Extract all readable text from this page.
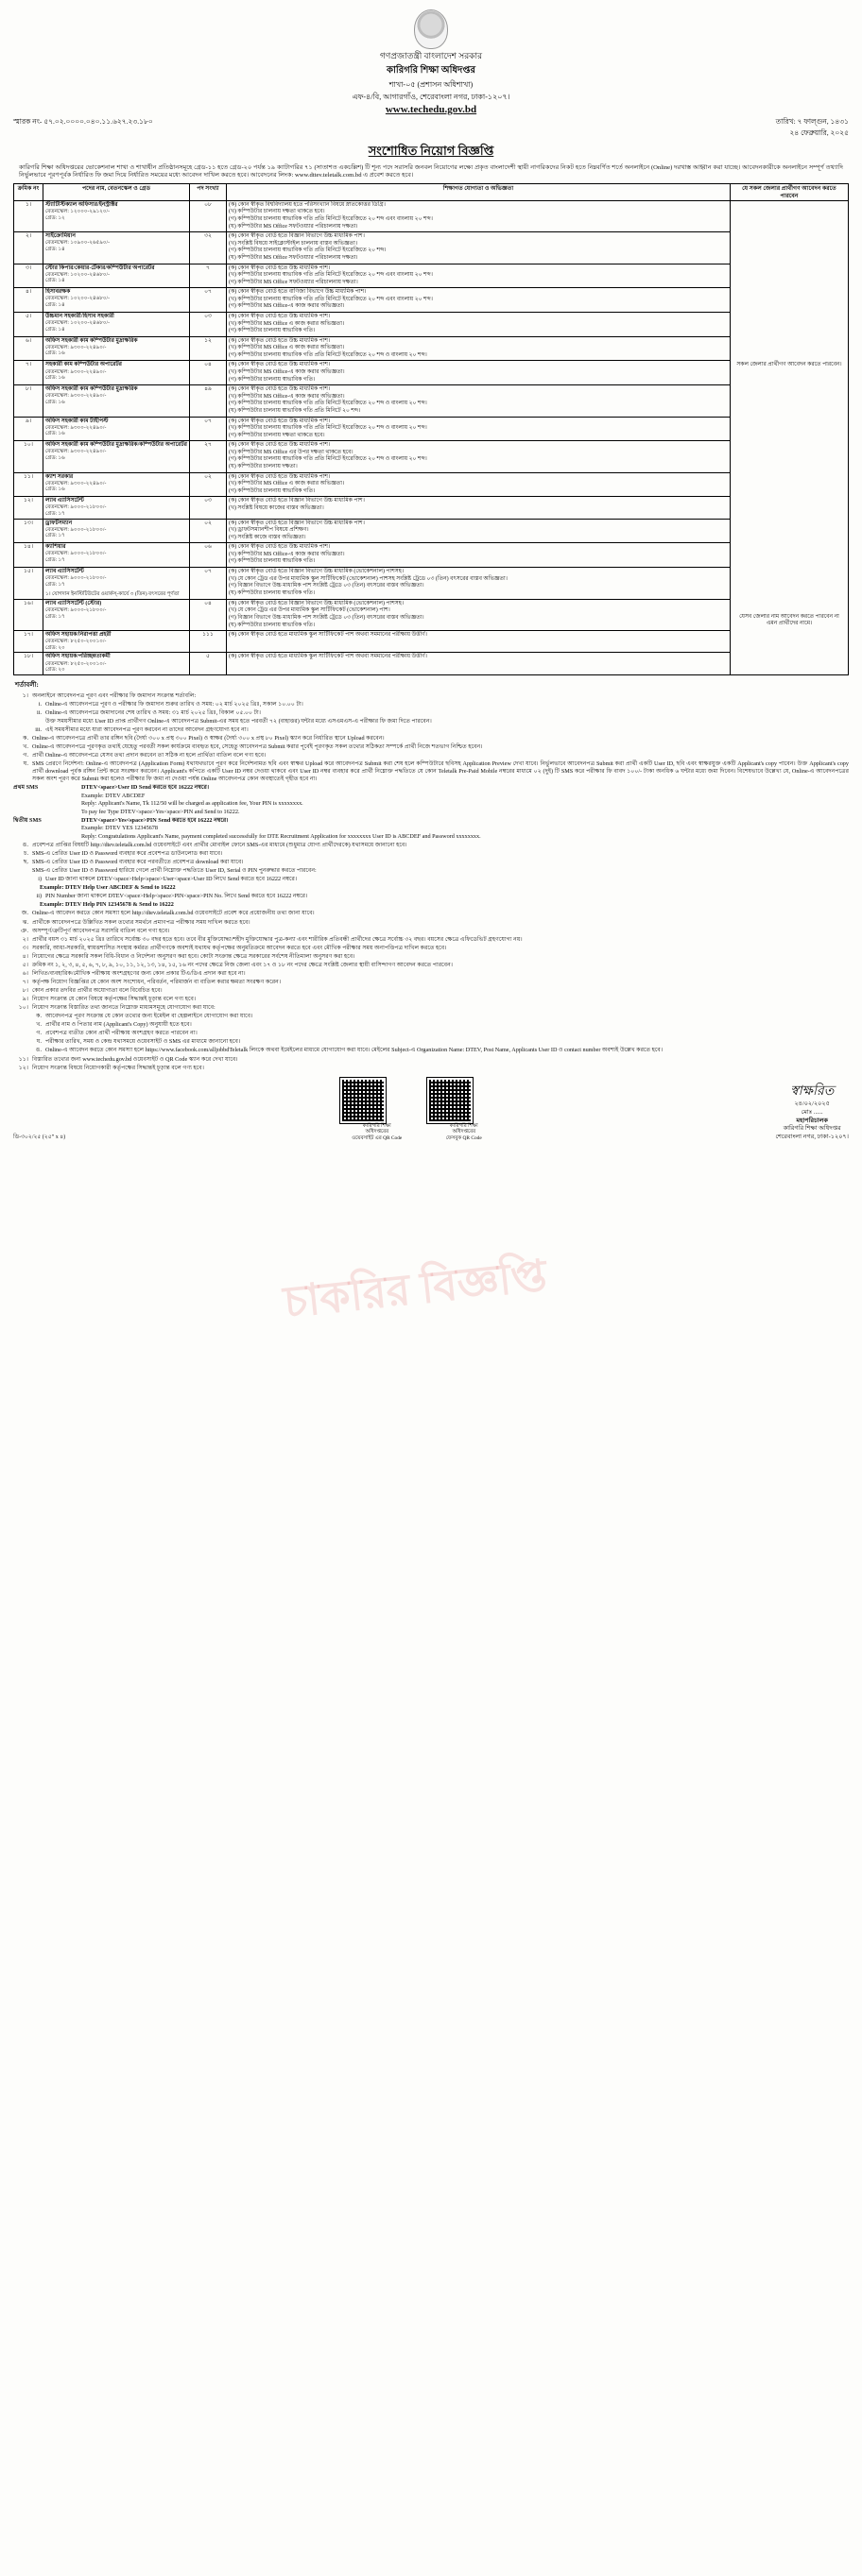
চাকরির বিজ্ঞপ্তি
গণপ্রজাতন্ত্রী বাংলাদেশ সরকার
কারিগরি শিক্ষা অধিদপ্তর
শাখা-০৫ (প্রশাসন অধিশাখা)
এফ-৪/বি, আগারগাঁও, শেরেবাংলা নগর, ঢাকা-১২০৭।
www.techedu.gov.bd
স্মারক নং- ৫৭.০২.০০০০.০৪০.১১.৬২৭.২৩.১৮০	তারিখ: ৭ ফাল্গুন, ১৪৩১
২৪ ফেব্রুয়ারি, ২০২৫
সংশোধিত নিয়োগ বিজ্ঞপ্তি
কারিগরি শিক্ষা অধিদপ্তরের ভোকেশনাল শাখা ও শাখাধীন প্রতিষ্ঠানসমূহে গ্রেড-১১ হতে গ্রেড-২০ পর্যন্ত ১৯ ক্যাটাগরির ৭১ (সাতাশত একচল্লিশ) টি শূন্য পদে সরাসরি জনবল নিয়োগের লক্ষ্যে প্রকৃত বাংলাদেশী স্থায়ী নাগরিকদের নিকট হতে নিম্নবর্ণিত শর্তে অনলাইনে (Online) দরখাস্ত আহ্বান করা যাচ্ছে। আবেদনকারীকে অনলাইনে সম্পূর্ণ তথ্যাদি নির্ভুলভাবে পূরণপূর্বক নির্ধারিত ফি জমা দিয়ে নির্ধারিত সময়ের মধ্যে আবেদন দাখিল করতে হবে। আবেদনের লিংক: www.dttev.teletalk.com.bd এ প্রবেশ করতে হবে।
ক্রমিক নং	পদের নাম, বেতনস্কেল ও গ্রেড	পদ সংখ্যা	শিক্ষাগত যোগ্যতা ও অভিজ্ঞতা	যে সকল জেলার প্রার্থীগণ আবেদন করতে পারবেন
১।	স্ট্যাটিস্টিক্যাল অফিসার/ইনস্ট্রাক্টর
বেতনস্কেল: ১২০০০-২৯১২০/-
গ্রেড: ১২
	০৮	(ক) কোন স্বীকৃত বিশ্ববিদ্যালয় হতে পরিসংখ্যান বিষয়ে স্নাতকোত্তর ডিগ্রি।
(খ) কম্পিউটার চালনায় দক্ষতা থাকতে হবে।
(গ) কম্পিউটার চালনায় স্বাভাবিক গতি প্রতি মিনিটে ইংরেজিতে ২০ শব্দ এবং বাংলায় ২০ শব্দ।
(ঘ) কম্পিউটার MS Office সফটওয়্যার পরিচালনায় দক্ষতা।

সকল জেলার প্রার্থীগণ আবেদন করতে পারবেন।
যেসব জেলার নাম আবেদন করতে পারবেন না এমন প্রার্থীদের নামে।

২।	সাইক্রোমিয়ান
বেতনস্কেল: ১০৯০০-২৬৫৯০/-
গ্রেড: ১৪
	৩২	(ক) কোন স্বীকৃত বোর্ড হতে বিজ্ঞান বিভাগে উচ্চ মাধ্যমিক পাশ।
(খ) সংশ্লিষ্ট বিষয়ে সাইক্লোস্টাইল চালনায় বাস্তব অভিজ্ঞতা।
(গ) কম্পিউটার চালনায় স্বাভাবিক গতি প্রতি মিনিটে ইংরেজিতে ২০ শব্দ।
(ঘ) কম্পিউটার MS Office সফটওয়্যার পরিচালনায় দক্ষতা।

৩।	স্টোর কিপার/কেয়ার-টেকার/কম্পিউটার অপারেটর
বেতনস্কেল: ১০২০০-২৪৬৮০/-
গ্রেড: ১৪
	৭	(ক) কোন স্বীকৃত বোর্ড হতে উচ্চ মাধ্যমিক পাশ।
(খ) কম্পিউটার চালনায় স্বাভাবিক গতি প্রতি মিনিটে ইংরেজিতে ২০ শব্দ এবং বাংলায় ২০ শব্দ।
(গ) কম্পিউটার MS Office সফটওয়্যার পরিচালনায় দক্ষতা।

৪।	হিসাবরক্ষক
বেতনস্কেল: ১০২০০-২৪৬৮০/-
গ্রেড: ১৪
	০৭	(ক) কোন স্বীকৃত বোর্ড হতে বাণিজ্য বিভাগে উচ্চ মাধ্যমিক পাশ।
(খ) কম্পিউটার চালনায় স্বাভাবিক গতি প্রতি মিনিটে ইংরেজিতে ২০ শব্দ এবং বাংলায় ২০ শব্দ।
(গ) কম্পিউটার MS Office-এ কাজ করার অভিজ্ঞতা।

৫।	উচ্চমান সহকারী/হিসাব সহকারী
বেতনস্কেল: ১০২০০-২৪৬৮০/-
গ্রেড: ১৪
	০৩	(ক) কোন স্বীকৃত বোর্ড হতে উচ্চ মাধ্যমিক পাশ।
(খ) কম্পিউটার MS Office এ কাজ করার অভিজ্ঞতা।
(গ) কম্পিউটার চালনায় স্বাভাবিক গতি।

৬।	অফিস সহকারী কাম কম্পিউটার মুদ্রাক্ষরিক
বেতনস্কেল: ৯৩০০-২২৪৯০/-
গ্রেড: ১৬
	১২	(ক) কোন স্বীকৃত বোর্ড হতে উচ্চ মাধ্যমিক পাশ।
(খ) কম্পিউটার MS Office এ কাজ করার অভিজ্ঞতা।
(গ) কম্পিউটার চালনায় স্বাভাবিক গতি প্রতি মিনিটে ইংরেজিতে ২০ শব্দ ও বাংলায় ২০ শব্দ।

৭।	সহকারী কাম কম্পিউটার অপারেটর
বেতনস্কেল: ৯৩০০-২২৪৯০/-
গ্রেড: ১৬
	০৪	(ক) কোন স্বীকৃত বোর্ড হতে উচ্চ মাধ্যমিক পাশ।
(খ) কম্পিউটার MS Office-এ কাজ করার অভিজ্ঞতা।
(গ) কম্পিউটার চালনায় স্বাভাবিক গতি।

৮।	অফিস সহকারী কাম কম্পিউটার মুদ্রাক্ষরিক
বেতনস্কেল: ৯৩০০-২২৪৯০/-
গ্রেড: ১৬
	৪৯	(ক) কোন স্বীকৃত বোর্ড হতে উচ্চ মাধ্যমিক পাশ।
(খ) কম্পিউটার MS Office-এ কাজ করার অভিজ্ঞতা।
(গ) কম্পিউটার চালনায় স্বাভাবিক গতি প্রতি মিনিটে ইংরেজিতে ২০ শব্দ ও বাংলায় ২০ শব্দ।
(ঘ) কম্পিউটার চালনায় স্বাভাবিক গতি প্রতি মিনিটে ২০ শব্দ।

৯।	অফিস সহকারী কাম টাইপিস্ট
বেতনস্কেল: ৯৩০০-২২৪৯০/-
গ্রেড: ১৬
	০৭	(ক) কোন স্বীকৃত বোর্ড হতে উচ্চ মাধ্যমিক পাশ।
(খ) কম্পিউটার চালনায় স্বাভাবিক গতি প্রতি মিনিটে ইংরেজিতে ২০ শব্দ ও বাংলায় ২০ শব্দ।
(গ) কম্পিউটার চালনায় দক্ষতা থাকতে হবে।

১০।	অফিস সহকারী কাম কম্পিউটার মুদ্রাক্ষরিক/কম্পিউটার অপারেটর
বেতনস্কেল: ৯৩০০-২২৪৯০/-
গ্রেড: ১৬
	২৭	(ক) কোন স্বীকৃত বোর্ড হতে উচ্চ মাধ্যমিক পাশ।
(খ) কম্পিউটার MS Office এর উপর দক্ষতা থাকতে হবে।
(গ) কম্পিউটার চালনায় স্বাভাবিক গতি প্রতি মিনিটে ইংরেজিতে ২০ শব্দ ও বাংলায় ২০ শব্দ।
(ঘ) কম্পিউটার চালনায় দক্ষতা।

১১।	ক্যাশ সরকার
বেতনস্কেল: ৯৩০০-২২৪৯০/-
গ্রেড: ১৬
	০২	(ক) কোন স্বীকৃত বোর্ড হতে উচ্চ মাধ্যমিক পাশ।
(খ) কম্পিউটার MS Office এ কাজ করার অভিজ্ঞতা।
(গ) কম্পিউটার চালনায় স্বাভাবিক গতি।

১২।	ল্যাব এ্যাসিসটেন্ট
বেতনস্কেল: ৯০০০-২১৮০০/-
গ্রেড: ১৭
	০৩	(ক) কোন স্বীকৃত বোর্ড হতে বিজ্ঞান বিভাগে উচ্চ মাধ্যমিক পাশ।
(খ) সংশ্লিষ্ট বিষয়ে কাজের বাস্তব অভিজ্ঞতা।

১৩।	ড্রাফটসম্যান
বেতনস্কেল: ৯০০০-২১৮০০/-
গ্রেড: ১৭
	০২	(ক) কোন স্বীকৃত বোর্ড হতে বিজ্ঞান বিভাগে উচ্চ মাধ্যমিক পাশ।
(খ) ড্রাফটসম্যানশীপ বিষয়ে প্রশিক্ষণ।
(গ) সংশ্লিষ্ট কাজে বাস্তব অভিজ্ঞতা।

১৪।	ক্যাশিয়ার
বেতনস্কেল: ৯০০০-২১৮০০/-
গ্রেড: ১৭
	০৬	(ক) কোন স্বীকৃত বোর্ড হতে উচ্চ মাধ্যমিক পাশ।
(খ) কম্পিউটার MS Office-এ কাজ করার অভিজ্ঞতা।
(গ) কম্পিউটার চালনায় স্বাভাবিক গতি।

১৫।	ল্যাব এ্যাসিসটেন্ট
বেতনস্কেল: ৯০০০-২১৮০০/-
গ্রেড: ১৭
১। যোগদান ইনস্টিটিউটের ওয়ার্কস্-কার্যে ৩ (তিন) বৎসরের পূর্ণতা
	০৭	(ক) কোন স্বীকৃত বোর্ড হতে বিজ্ঞান বিভাগে উচ্চ মাধ্যমিক (ভোকেশনাল) পাশসহ।
(খ) যে কোন ট্রেড এর উপর মাধ্যমিক স্কুল সার্টিফিকেট (ভোকেশনাল) পাশসহ সংশ্লিষ্ট ট্রেডে ০৩ (তিন) বৎসরের বাস্তব অভিজ্ঞতা।
(গ) বিজ্ঞান বিভাগে উচ্চ মাধ্যমিক পাশ সংশ্লিষ্ট ট্রেডে ০৩ (তিন) বৎসরের বাস্তব অভিজ্ঞতা।
(ঘ) কম্পিউটার চালনায় স্বাভাবিক গতি।

১৬।	ল্যাব এ্যাসিসটেন্ট (স্টোর)
বেতনস্কেল: ৯০০০-২১৮০০/-
গ্রেড: ১৭
	০৪	(ক) কোন স্বীকৃত বোর্ড হতে বিজ্ঞান বিভাগে উচ্চ মাধ্যমিক (ভোকেশনাল) পাশসহ।
(খ) যে কোন ট্রেড এর উপর মাধ্যমিক স্কুল সার্টিফিকেট (ভোকেশনাল) পাশ।
(গ) বিজ্ঞান বিভাগে উচ্চ মাধ্যমিক পাশ সংশ্লিষ্ট ট্রেডে ০৩ (তিন) বৎসরের বাস্তব অভিজ্ঞতা।
(ঘ) কম্পিউটার চালনায় স্বাভাবিক গতি।

১৭।	অফিস সহায়ক/নিরাপত্তা প্রহরী
বেতনস্কেল: ৮২৫০-২০০১০/-
গ্রেড: ২০	১১১	(ক) কোন স্বীকৃত বোর্ড হতে মাধ্যমিক স্কুল সার্টিফিকেট পাশ অথবা সমমানের পরীক্ষায় উত্তীর্ণ।	

১৮।	অফিস সহায়ক/পরিচ্ছন্নতাকর্মী
বেতনস্কেল: ৮২৫০-২০০১০/-
গ্রেড: ২০	৫	(ক) কোন স্বীকৃত বোর্ড হতে মাধ্যমিক স্কুল সার্টিফিকেট পাশ অথবা সমমানের পরীক্ষায় উত্তীর্ণ।	
শর্তাবলী:
১। অনলাইনে আবেদনপত্র পূরণ এবং পরীক্ষার ফি জমাদান সংক্রান্ত শর্তাবলি:
i. Online-এ আবেদনপত্রে পূরণ ও পরীক্ষার ফি জমাদান শুরুর তারিখ ও সময়: ০২ মার্চ ২০২৫ খ্রিঃ, সকাল ১০.০০ টা।
ii. Online-এ আবেদনপত্রে জমাদানের শেষ তারিখ ও সময়: ৩১ মার্চ ২০২৫ খ্রিঃ, বিকাল ০৫.০০ টা।
উক্ত সময়সীমার মধ্যে User ID প্রাপ্ত প্রার্থীগণ Online-এ আবেদনপত্র Submit-এর সময় হতে পরবর্তী ৭২ (বাহাত্তর) ঘন্টার মধ্যে এসএমএস-এ পরীক্ষার ফি জমা দিতে পারবেন।
iii. এই সময়সীমার মধ্যে যারা আবেদনপত্র পূরণ করবেন না তাদের আবেদন গ্রহণযোগ্য হবে না।
ক. Online-এ আবেদনপত্রে প্রার্থী তার রঙ্গিন ছবি (দৈর্ঘ্য ৩০০ x প্রস্থ ৩০০ Pixel) ও স্বাক্ষর (দৈর্ঘ্য ৩০০ x প্রস্থ ৮০ Pixel) স্ক্যান করে নির্ধারিত স্থানে Upload করবেন।
খ. Online-এ আবেদনপত্রে পূরণকৃত তথ্যই যেহেতু পরবর্তী সকল কার্যক্রমে ব্যবহৃত হবে, সেহেতু আবেদনপত্র Submit করার পূর্বেই পূরণকৃত সকল তথ্যের সঠিকতা সম্পর্কে প্রার্থী নিজে শতভাগ নিশ্চিত হবেন।
গ. প্রার্থী Online-এ আবেদনপত্রে যেসব তথ্য প্রদান করবেন তা সঠিক না হলে প্রার্থিতা বাতিল বলে গণ্য হবে।
ঘ. SMS প্রেরণে নির্দেশনা: Online-এ আবেদনপত্র (Application Form) যথাযথভাবে পূরণ করে নির্দেশনামত ছবি এবং স্বাক্ষর Upload করে আবেদনপত্র Submit করা শেষ হলে কম্পিউটারে ছবিসহ Application Preview দেখা যাবে। নির্ভুলভাবে আবেদনপত্র Submit করা প্রার্থী একটি User ID, ছবি এবং স্বাক্ষরযুক্ত একটি Applicant's copy পাবেন। উক্ত Applicant's copy প্রার্থী download পূর্বক রঙ্গিন প্রিন্ট করে সংরক্ষণ করবেন। Applicant's কপিতে একটি User ID নম্বর দেওয়া থাকবে এবং User ID নম্বর ব্যবহার করে প্রার্থী নিম্নোক্ত পদ্ধতিতে যে কোন Teletalk Pre-Paid Mobile নম্বরের মাধ্যমে ০২ (দুই) টি SMS করে পরীক্ষার ফি বাবদ ১০০/- টাকা অনধিক ৬ ঘন্টার মধ্যে জমা দিবেন। বিশেষভাবে উল্লেখ্য যে, Online-এ আবেদনপত্রের সকল অংশ পূরণ করে Submit করা হলেও পরীক্ষার ফি জমা না দেওয়া পর্যন্ত Online আবেদনপত্র কোন অবস্থাতেই গৃহীত হবে না।
প্রথম SMS	DTEV<space>User ID Send করতে হবে 16222 নম্বরে।
Example: DTEV ABCDEF
Reply: Applicant's Name, Tk 112/50 will be charged as application fee, Your PIN is xxxxxxxx.
To pay fee Type DTEV<space>Yes<space>PIN and Send to 16222.
দ্বিতীয় SMS	DTEV<space>Yes<space>PIN Send করতে হবে 16222 নম্বরে।
Example: DTEV YES 12345678
Reply: Congratulations Applicant's Name, payment completed successfully for DTE Recruitment Application for xxxxxxxx User ID is ABCDEF and Password xxxxxxxx.
ঙ. প্রবেশপত্র প্রাপ্তির বিষয়টি http://dtev.teletalk.com.bd ওয়েবসাইটে এবং প্রার্থীর মোবাইল ফোনে SMS-এর মাধ্যমে (শুধুমাত্র যোগ্য প্রার্থীদেরকে) যথাসময়ে জানানো হবে।
চ. SMS-এ প্রেরিত User ID ও Password ব্যবহার করে প্রবেশপত্র ডাউনলোড করা যাবে।
ছ. SMS-এ প্রেরিত User ID ও Password ব্যবহার করে পরবর্তীতে প্রবেশপত্র download করা যাবে।
SMS-এ প্রেরিত User ID ও Password হারিয়ে গেলে প্রার্থী নিম্নোক্ত পদ্ধতিতে User ID, Serial ও PIN পুনরুদ্ধার করতে পারবেন:
i) User ID জানা থাকলে DTEV<space>Help<space>User<space>User ID লিখে Send করতে হবে 16222 নম্বরে।
Example: DTEV Help User ABCDEF & Send to 16222
ii) PIN Number জানা থাকলে DTEV<space>Help<space>PIN<space>PIN No. লিখে Send করতে হবে 16222 নম্বরে।
Example: DTEV Help PIN 12345678 & Send to 16222
জ. Online-এ আবেদন করতে কোন সমস্যা হলে http://dtev.teletalk.com.bd ওয়েবসাইটে প্রবেশ করে প্রয়োজনীয় তথ্য জানা যাবে।
ঝ. প্রার্থীকে আবেদনপত্রে উল্লিখিত সকল তথ্যের সমর্থনে প্রমাণপত্র পরীক্ষার সময় দাখিল করতে হবে।
ঞ. অসম্পূর্ণ/ত্রুটিপূর্ণ আবেদনপত্র সরাসরি বাতিল বলে গণ্য হবে।
২। প্রার্থীর বয়স ৩১ মার্চ ২০২৫ খ্রিঃ তারিখে সর্বোচ্চ ৩০ বছর হতে হবে। তবে বীর মুক্তিযোদ্ধা/শহীদ মুক্তিযোদ্ধার পুত্র-কন্যা এবং শারীরিক প্রতিবন্ধী প্রার্থীদের ক্ষেত্রে সর্বোচ্চ ৩২ বছর। বয়সের ক্ষেত্রে এফিডেভিট গ্রহণযোগ্য নয়।
৩। সরকারি, আধা-সরকারি, স্বায়ত্তশাসিত সংস্থায় কর্মরত প্রার্থীগণকে অবশ্যই যথাযথ কর্তৃপক্ষের অনুমতিক্রমে আবেদন করতে হবে এবং মৌখিক পরীক্ষার সময় অনাপত্তিপত্র দাখিল করতে হবে।
৪। নিয়োগের ক্ষেত্রে সরকারি সকল বিধি-বিধান ও নির্দেশনা অনুসরণ করা হবে। কোটা সংক্রান্ত ক্ষেত্রে সরকারের সর্বশেষ নীতিমালা অনুসরণ করা হবে।
৫। ক্রমিক নং ১, ২, ৩, ৪, ৫, ৬, ৭, ৮, ৯, ১০, ১১, ১২, ১৩, ১৪, ১৫, ১৬ নং পদের ক্ষেত্রে নিজ জেলা এবং ১৭ ও ১৮ নং পদের ক্ষেত্রে সংশ্লিষ্ট জেলার স্থায়ী বাসিন্দাগণ আবেদন করতে পারবেন।
৬। লিখিত/ব্যবহারিক/মৌখিক পরীক্ষায় অংশগ্রহণের জন্য কোন প্রকার টিএ/ডিএ প্রদান করা হবে না।
৭। কর্তৃপক্ষ নিয়োগ বিজ্ঞপ্তির যে কোন অংশ সংশোধন, পরিবর্তন, পরিমার্জন বা বাতিল করার ক্ষমতা সংরক্ষণ করেন।
৮। কোন প্রকার তদবির প্রার্থীর অযোগ্যতা বলে বিবেচিত হবে।
৯। নিয়োগ সংক্রান্ত যে কোন বিষয়ে কর্তৃপক্ষের সিদ্ধান্তই চূড়ান্ত বলে গণ্য হবে।
১০। নিয়োগ সংক্রান্ত বিস্তারিত তথ্য জানতে নিম্নোক্ত মাধ্যমসমূহে যোগাযোগ করা যাবে:
ক. আবেদনপত্র পূরণ সংক্রান্ত যে কোন তথ্যের জন্য ইমেইল বা হেল্পলাইনে যোগাযোগ করা যাবে।
খ. প্রার্থীর নাম ও পিতার নাম (Applicant's Copy) অনুযায়ী হতে হবে।
গ. প্রবেশপত্র ব্যতীত কোন প্রার্থী পরীক্ষায় অংশগ্রহণ করতে পারবেন না।
ঘ. পরীক্ষার তারিখ, সময় ও কেন্দ্র যথাসময়ে ওয়েবসাইট ও SMS এর মাধ্যমে জানানো হবে।
ঙ. Online-এ আবেদন করতে কোন সমস্যা হলে https://www.facebook.com/alljobbdTeletalk লিংকে অথবা ইমেইলের মাধ্যমে যোগাযোগ করা যাবে। মেইলের Subject-এ Organization Name: DTEV, Post Name, Applicants User ID ও contact number অবশ্যই উল্লেখ করতে হবে।
১১। বিস্তারিত তথ্যের জন্য www.techedu.gov.bd ওয়েবসাইট ও QR Code স্ক্যান করে দেখা যাবে।
১২। নিয়োগ সংক্রান্ত বিষয়ে নিয়োগকারী কর্তৃপক্ষের সিদ্ধান্তই চূড়ান্ত বলে গণ্য হবে।
ডি-৩০২/২৫ (২৫” x ৪)
কারিগরি শিক্ষা
অধিদপ্তরের
ওয়েবসাইট এর QR Code
কারিগরি শিক্ষা
অধিদপ্তরের
ফেসবুক QR Code
স্বাক্ষরিত
২৪/০২/২০২৫
মোঃ ......
মহাপরিচালক
কারিগরি শিক্ষা অধিদপ্তর
শেরেবাংলা নগর, ঢাকা-১২০৭।
